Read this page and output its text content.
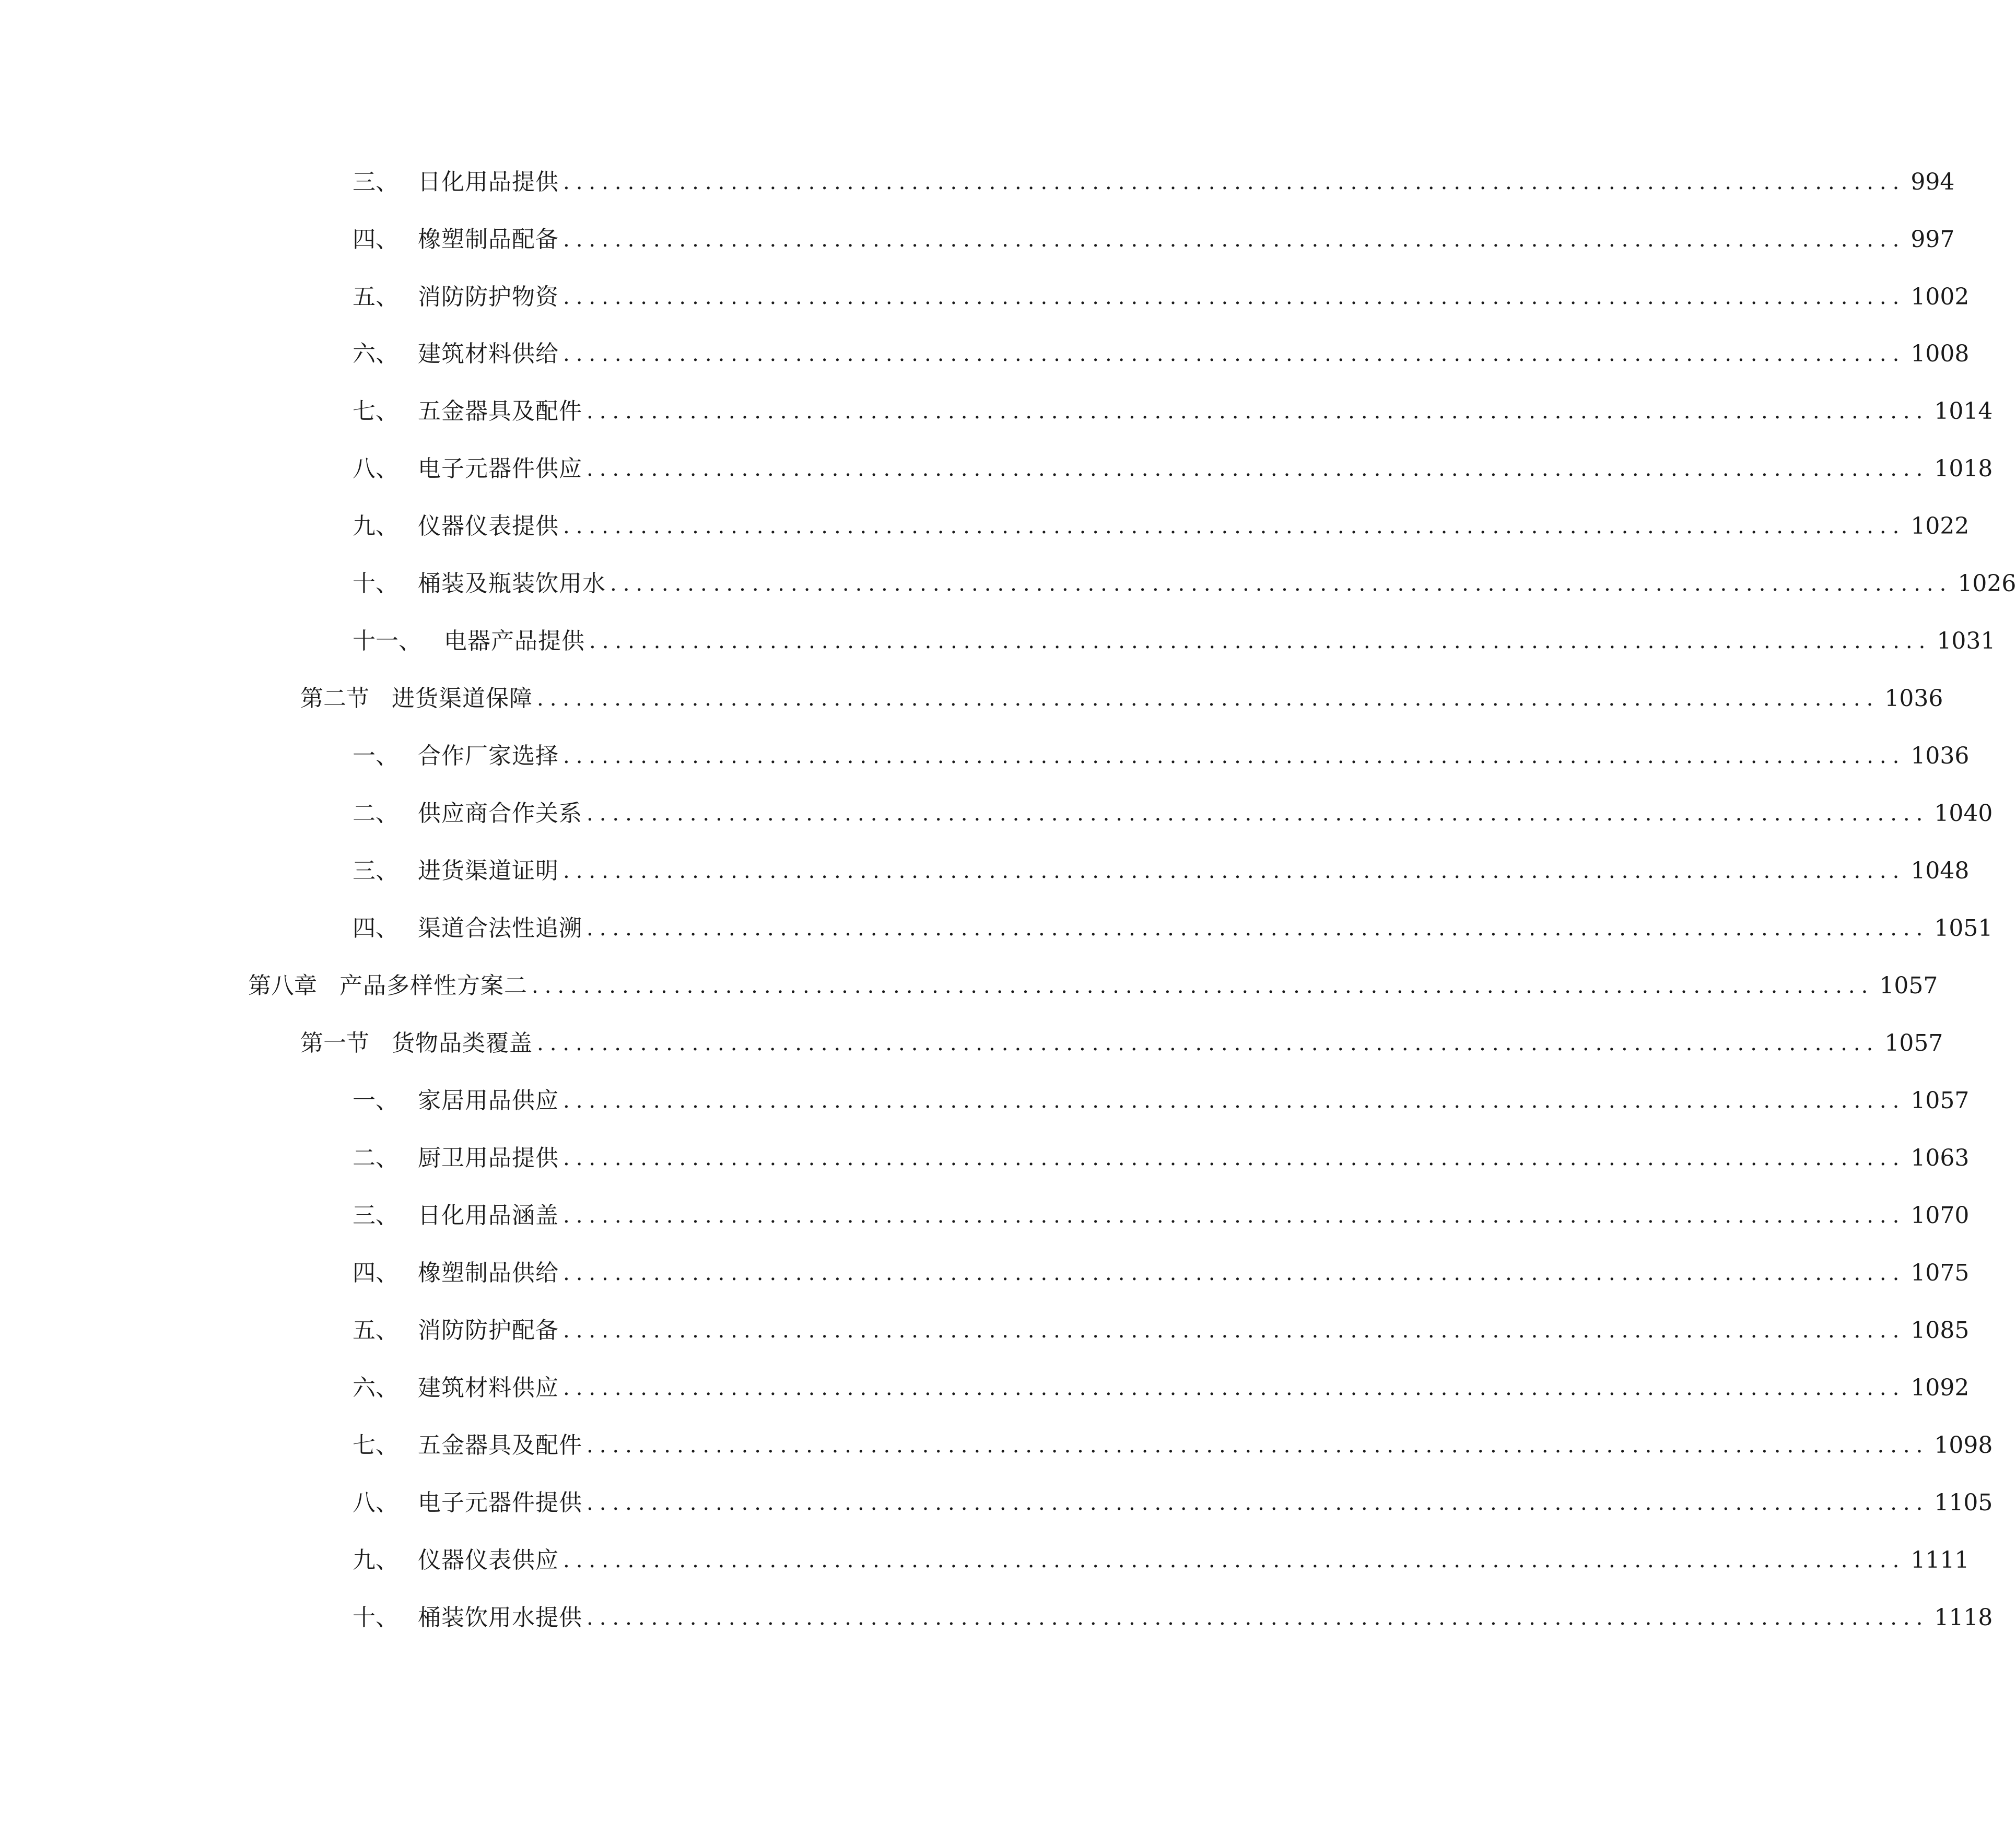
三、 日化用品提供 ........................................................................................................ 994
四、 橡塑制品配备 ........................................................................................................ 997
五、 消防防护物资 ........................................................................................................ 1002
六、 建筑材料供给 ........................................................................................................ 1008
七、 五金器具及配件 ........................................................................................................ 1014
八、 电子元器件供应 ........................................................................................................ 1018
九、 仪器仪表提供 ........................................................................................................ 1022
十、 桶装及瓶装饮用水 ........................................................................................................ 1026
十一、 电器产品提供 ........................................................................................................ 1031
第二节 进货渠道保障 ........................................................................................................ 1036
一、 合作厂家选择 ........................................................................................................ 1036
二、 供应商合作关系 ........................................................................................................ 1040
三、 进货渠道证明 ........................................................................................................ 1048
四、 渠道合法性追溯 ........................................................................................................ 1051
第八章 产品多样性方案二 ........................................................................................................ 1057
第一节 货物品类覆盖 ........................................................................................................ 1057
一、 家居用品供应 ........................................................................................................ 1057
二、 厨卫用品提供 ........................................................................................................ 1063
三、 日化用品涵盖 ........................................................................................................ 1070
四、 橡塑制品供给 ........................................................................................................ 1075
五、 消防防护配备 ........................................................................................................ 1085
六、 建筑材料供应 ........................................................................................................ 1092
七、 五金器具及配件 ........................................................................................................ 1098
八、 电子元器件提供 ........................................................................................................ 1105
九、 仪器仪表供应 ........................................................................................................ 1111
十、 桶装饮用水提供 ........................................................................................................ 1118
